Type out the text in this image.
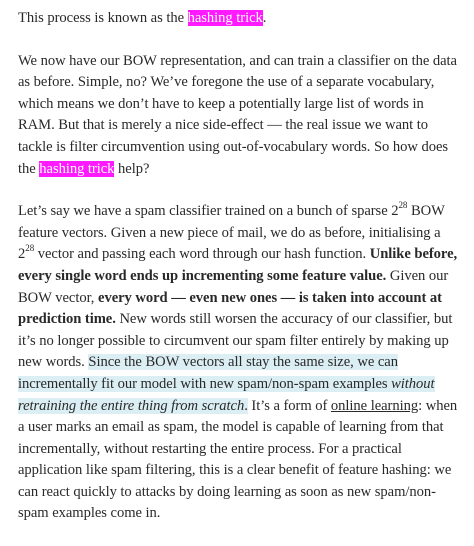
This process is known as the hashing trick.

We now have our BOW representation, and can train a classifier on the data as before. Simple, no? We’ve foregone the use of a separate vocabulary, which means we don’t have to keep a potentially large list of words in RAM. But that is merely a nice side-effect — the real issue we want to tackle is filter circumvention using out-of-vocabulary words. So how does the hashing trick help?

Let’s say we have a spam classifier trained on a bunch of sparse $2^{28}$ BOW feature vectors. Given a new piece of mail, we do as before, initialising a $2^{28}$ vector and passing each word through our hash function. Unlike before, every single word ends up incrementing some feature value. Given our BOW vector, every word — even new ones — is taken into account at prediction time. New words still worsen the accuracy of our classifier, but it’s no longer possible to circumvent our spam filter entirely by making up new words. Since the BOW vectors all stay the same size, we can incrementally fit our model with new spam/non-spam examples without retraining the entire thing from scratch. It’s a form of online learning: when a user marks an email as spam, the model is capable of learning from that incrementally, without restarting the entire process. For a practical application like spam filtering, this is a clear benefit of feature hashing: we can react quickly to attacks by doing learning as soon as new spam/non-spam examples come in.
